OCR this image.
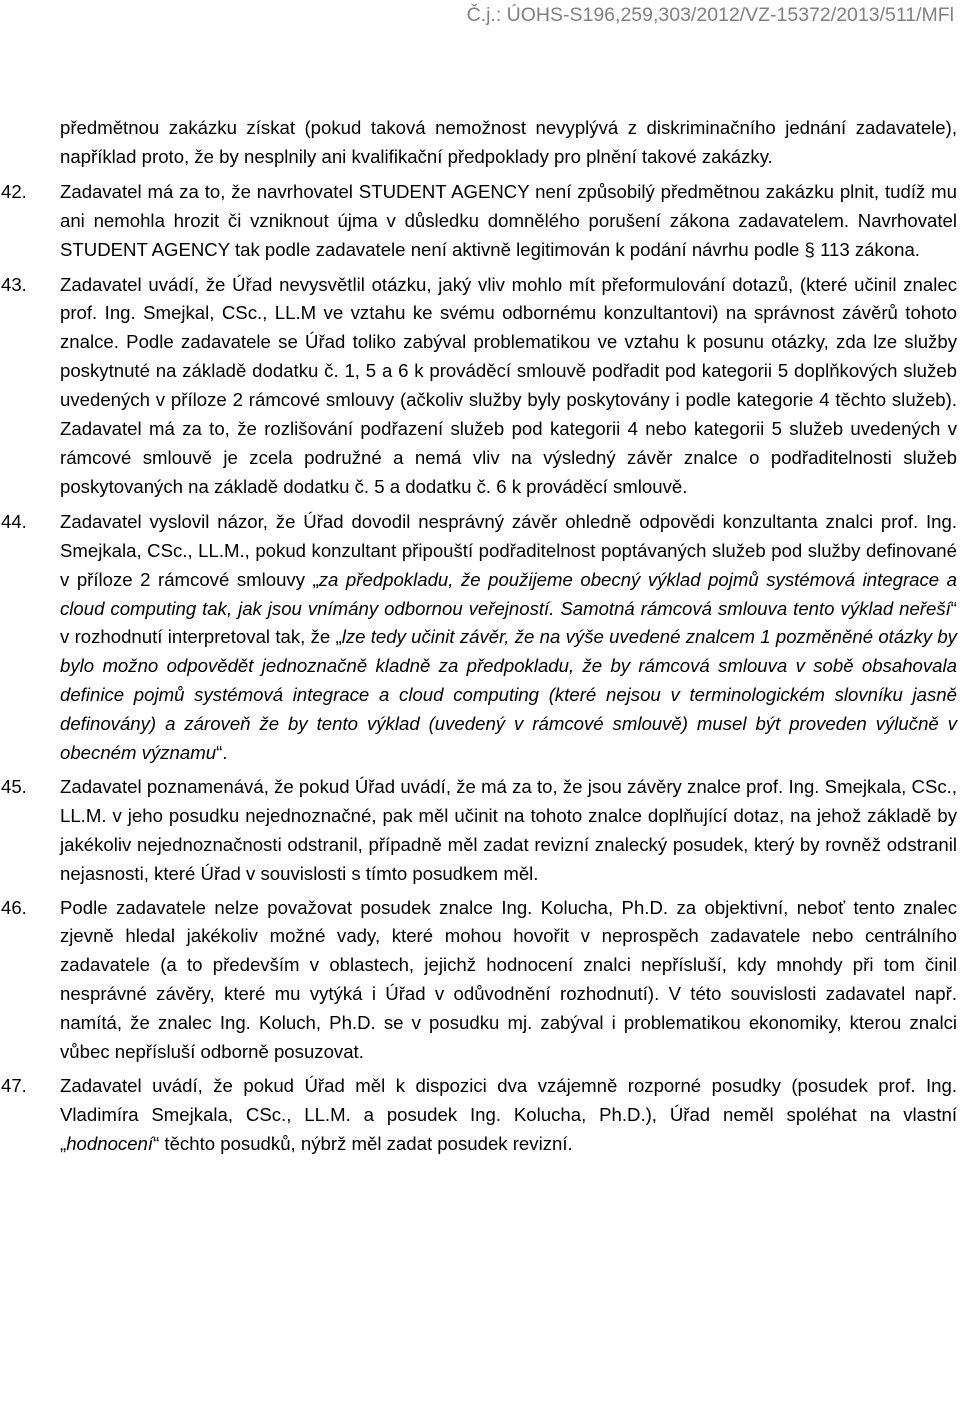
Č.j.: ÚOHS-S196,259,303/2012/VZ-15372/2013/511/MFl

předmětnou zakázku získat (pokud taková nemožnost nevyplývá z diskriminačního jednání zadavatele), například proto, že by nesplnily ani kvalifikační předpoklady pro plnění takové zakázky.

42.	Zadavatel má za to, že navrhovatel STUDENT AGENCY není způsobilý předmětnou zakázku plnit, tudíž mu ani nemohla hrozit či vzniknout újma v důsledku domnělého porušení zákona zadavatelem. Navrhovatel STUDENT AGENCY tak podle zadavatele není aktivně legitimován k podání návrhu podle § 113 zákona.

43.	Zadavatel uvádí, že Úřad nevysvětlil otázku, jaký vliv mohlo mít přeformulování dotazů, (které učinil znalec prof. Ing. Smejkal, CSc., LL.M ve vztahu ke svému odbornému konzultantovi) na správnost závěrů tohoto znalce. Podle zadavatele se Úřad toliko zabýval problematikou ve vztahu k posunu otázky, zda lze služby poskytnuté na základě dodatku č. 1, 5 a 6 k prováděcí smlouvě podřadit pod kategorii 5 doplňkových služeb uvedených v příloze 2 rámcové smlouvy (ačkoliv služby byly poskytovány i podle kategorie 4 těchto služeb). Zadavatel má za to, že rozlišování podřazení služeb pod kategorii 4 nebo kategorii 5 služeb uvedených v rámcové smlouvě je zcela podružné a nemá vliv na výsledný závěr znalce o podřaditelnosti služeb poskytovaných na základě dodatku č. 5 a dodatku č. 6 k prováděcí smlouvě.

44.	Zadavatel vyslovil názor, že Úřad dovodil nesprávný závěr ohledně odpovědi konzultanta znalci prof. Ing. Smejkala, CSc., LL.M., pokud konzultant připouští podřaditelnost poptávaných služeb pod služby definované v příloze 2 rámcové smlouvy „za předpokladu, že použijeme obecný výklad pojmů systémová integrace a cloud computing tak, jak jsou vnímány odbornou veřejností. Samotná rámcová smlouva tento výklad neřeší“ v rozhodnutí interpretoval tak, že „lze tedy učinit závěr, že na výše uvedené znalcem 1 pozměněné otázky by bylo možno odpovědět jednoznačně kladně za předpokladu, že by rámcová smlouva v sobě obsahovala definice pojmů systémová integrace a cloud computing (které nejsou v terminologickém slovníku jasně definovány) a zároveň že by tento výklad (uvedený v rámcové smlouvě) musel být proveden výlučně v obecném významu“.

45.	Zadavatel poznamenává, že pokud Úřad uvádí, že má za to, že jsou závěry znalce prof. Ing. Smejkala, CSc., LL.M. v jeho posudku nejednoznačné, pak měl učinit na tohoto znalce doplňující dotaz, na jehož základě by jakékoliv nejednoznačnosti odstranil, případně měl zadat revizní znalecký posudek, který by rovněž odstranil nejasnosti, které Úřad v souvislosti s tímto posudkem měl.

46.	Podle zadavatele nelze považovat posudek znalce Ing. Kolucha, Ph.D. za objektivní, neboť tento znalec zjevně hledal jakékoliv možné vady, které mohou hovořit v neprospěch zadavatele nebo centrálního zadavatele (a to především v oblastech, jejichž hodnocení znalci nepřísluší, kdy mnohdy při tom činil nesprávné závěry, které mu vytýká i Úřad v odůvodnění rozhodnutí). V této souvislosti zadavatel např. namítá, že znalec Ing. Koluch, Ph.D. se v posudku mj. zabýval i problematikou ekonomiky, kterou znalci vůbec nepřísluší odborně posuzovat.

47.	Zadavatel uvádí, že pokud Úřad měl k dispozici dva vzájemně rozporné posudky (posudek prof. Ing. Vladimíra Smejkala, CSc., LL.M. a posudek Ing. Kolucha, Ph.D.), Úřad neměl spoléhat na vlastní „hodnocení“ těchto posudků, nýbrž měl zadat posudek revizní.
